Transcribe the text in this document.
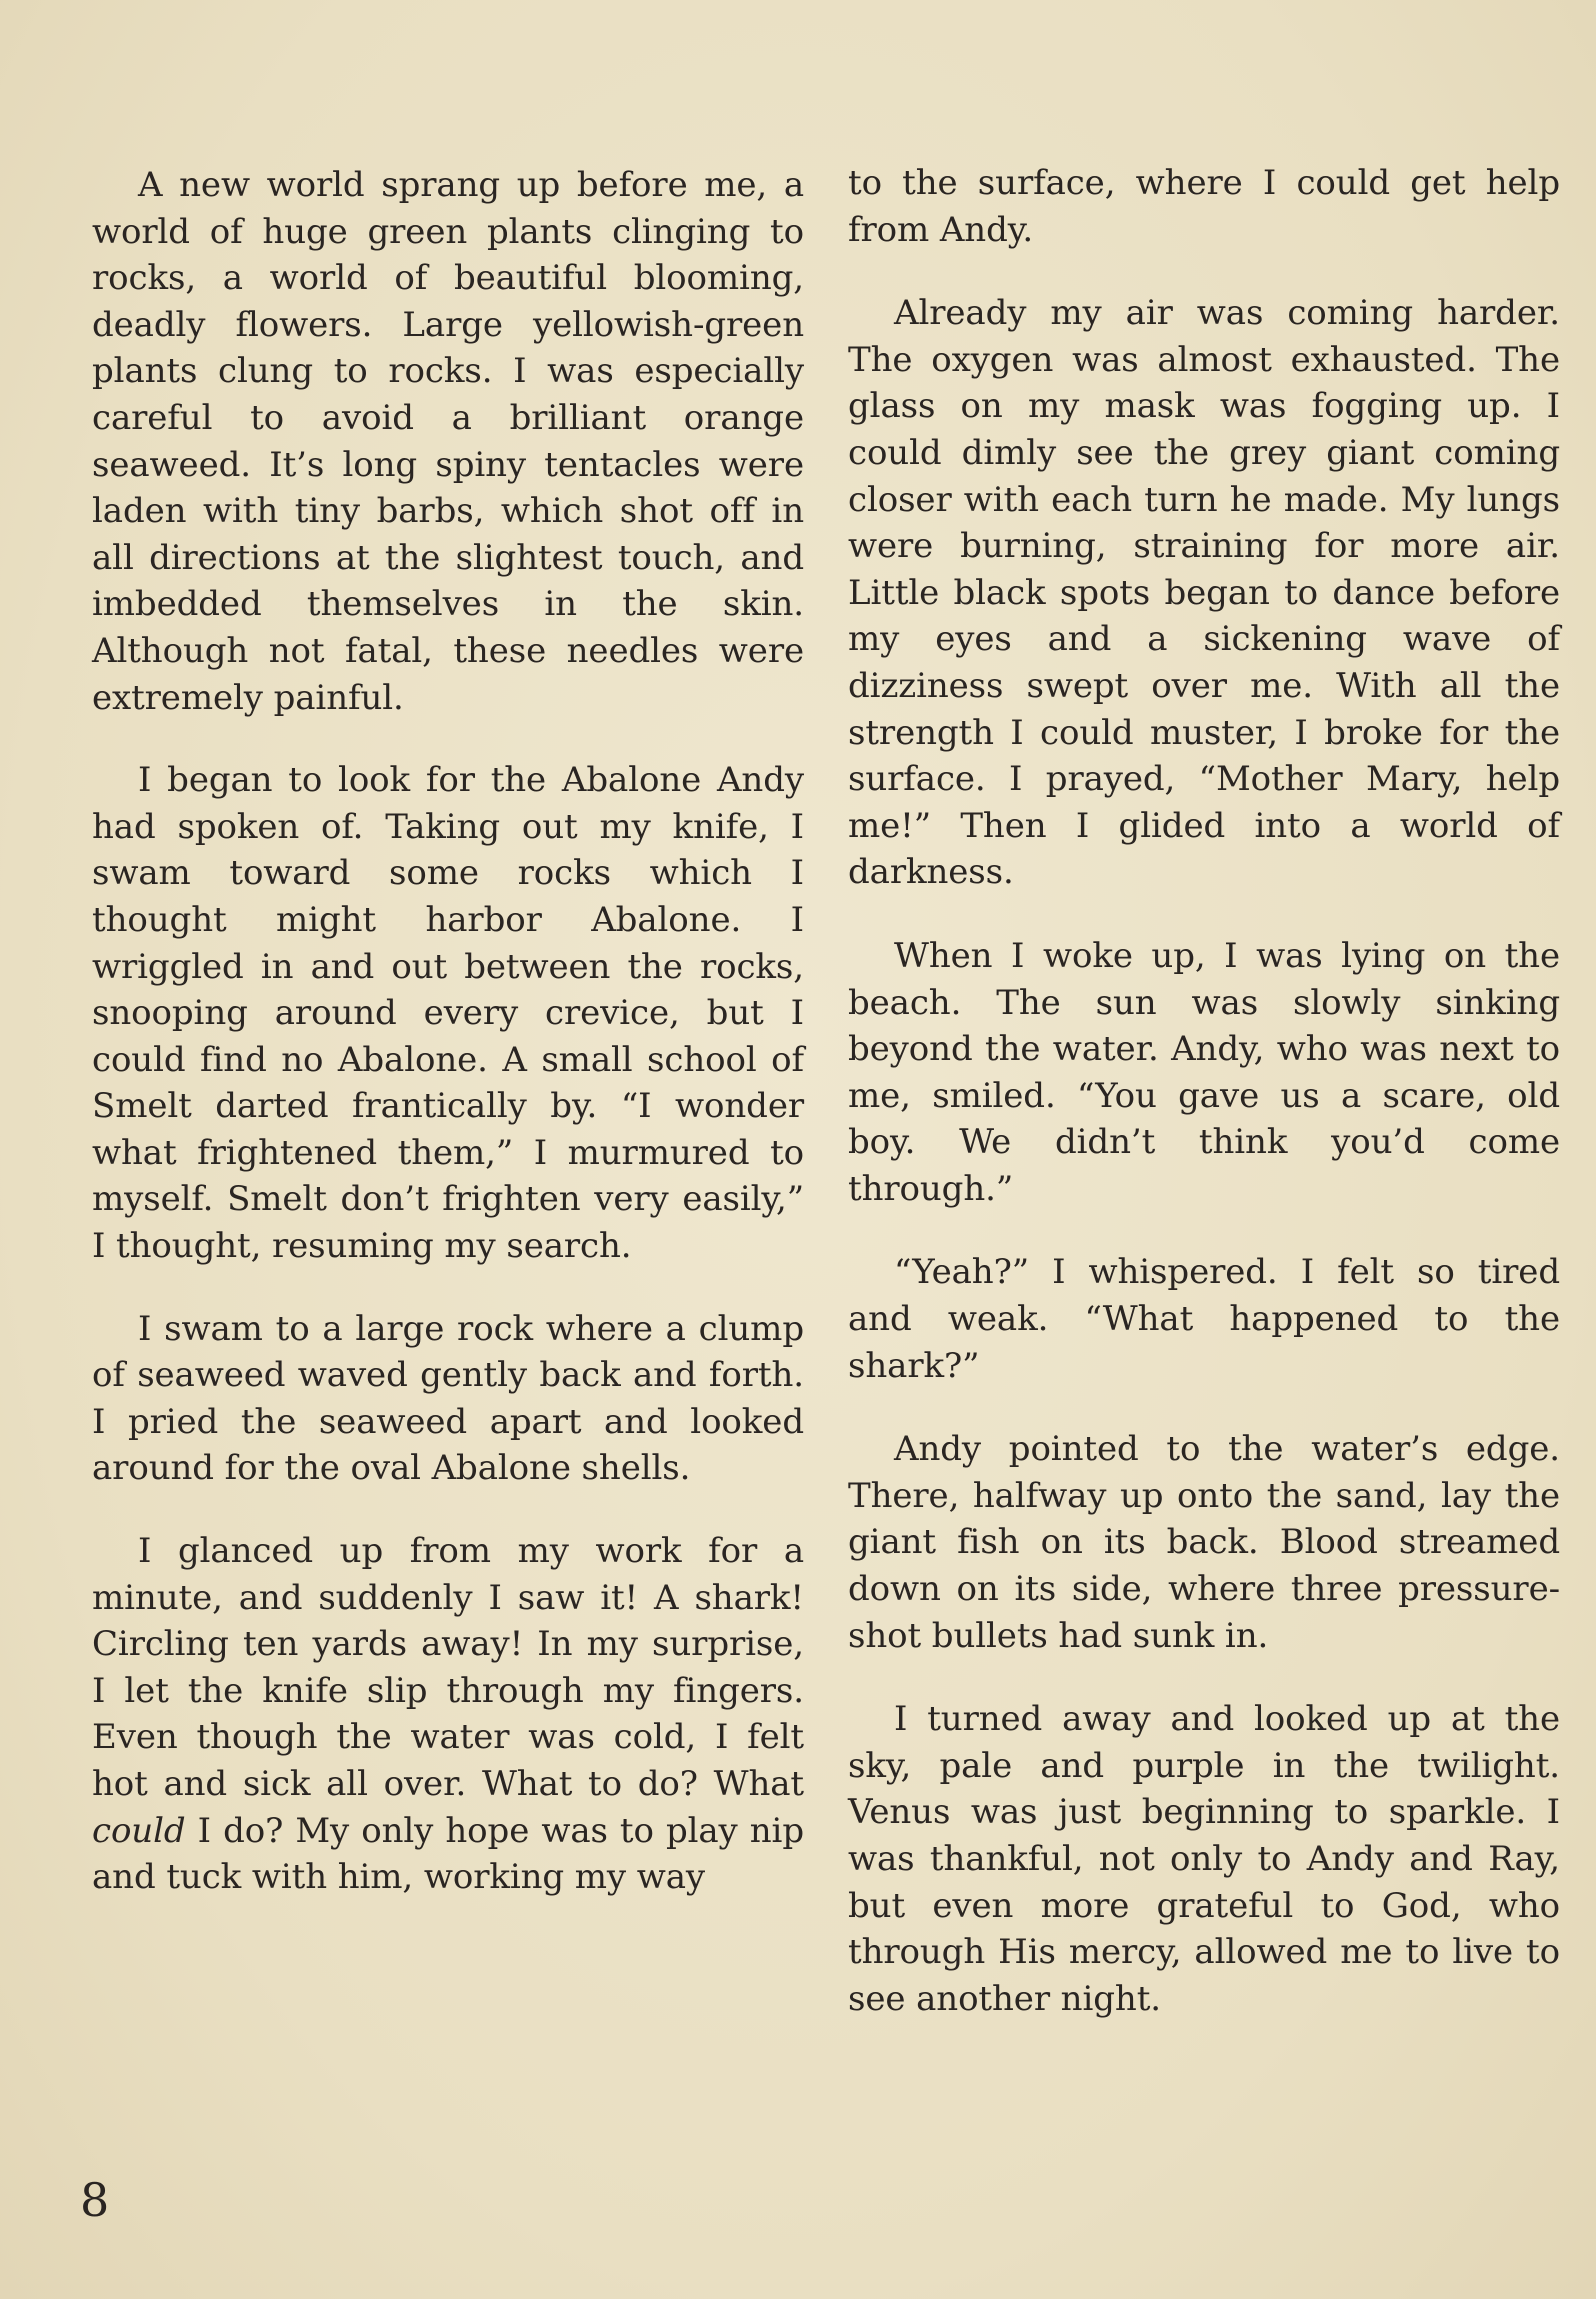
A new world sprang up before me, a world of huge green plants clinging to rocks, a world of beautiful blooming, deadly flowers. Large yellowish-green plants clung to rocks. I was especially careful to avoid a brilliant orange seaweed. It’s long spiny tentacles were laden with tiny barbs, which shot off in all directions at the slightest touch, and imbedded themselves in the skin. Although not fatal, these needles were extremely painful.

I began to look for the Abalone Andy had spoken of. Taking out my knife, I swam toward some rocks which I thought might harbor Abalone. I wriggled in and out between the rocks, snooping around every crevice, but I could find no Abalone. A small school of Smelt darted frantically by. “I wonder what frightened them,” I murmured to myself. Smelt don’t frighten very easily,” I thought, resuming my search.

I swam to a large rock where a clump of seaweed waved gently back and forth. I pried the seaweed apart and looked around for the oval Abalone shells.

I glanced up from my work for a minute, and suddenly I saw it! A shark! Circling ten yards away! In my surprise, I let the knife slip through my fingers. Even though the water was cold, I felt hot and sick all over. What to do? What could I do? My only hope was to play nip and tuck with him, working my way

to the surface, where I could get help from Andy.

Already my air was coming harder. The oxygen was almost exhausted. The glass on my mask was fogging up. I could dimly see the grey giant coming closer with each turn he made. My lungs were burning, straining for more air. Little black spots began to dance before my eyes and a sickening wave of dizziness swept over me. With all the strength I could muster, I broke for the surface. I prayed, “Mother Mary, help me!” Then I glided into a world of darkness.

When I woke up, I was lying on the beach. The sun was slowly sinking beyond the water. Andy, who was next to me, smiled. “You gave us a scare, old boy. We didn’t think you’d come through.”

“Yeah?” I whispered. I felt so tired and weak. “What happened to the shark?”

Andy pointed to the water’s edge. There, halfway up onto the sand, lay the giant fish on its back. Blood streamed down on its side, where three pressure-shot bullets had sunk in.

I turned away and looked up at the sky, pale and purple in the twilight. Venus was just beginning to sparkle. I was thankful, not only to Andy and Ray, but even more grateful to God, who through His mercy, allowed me to live to see another night.

8
